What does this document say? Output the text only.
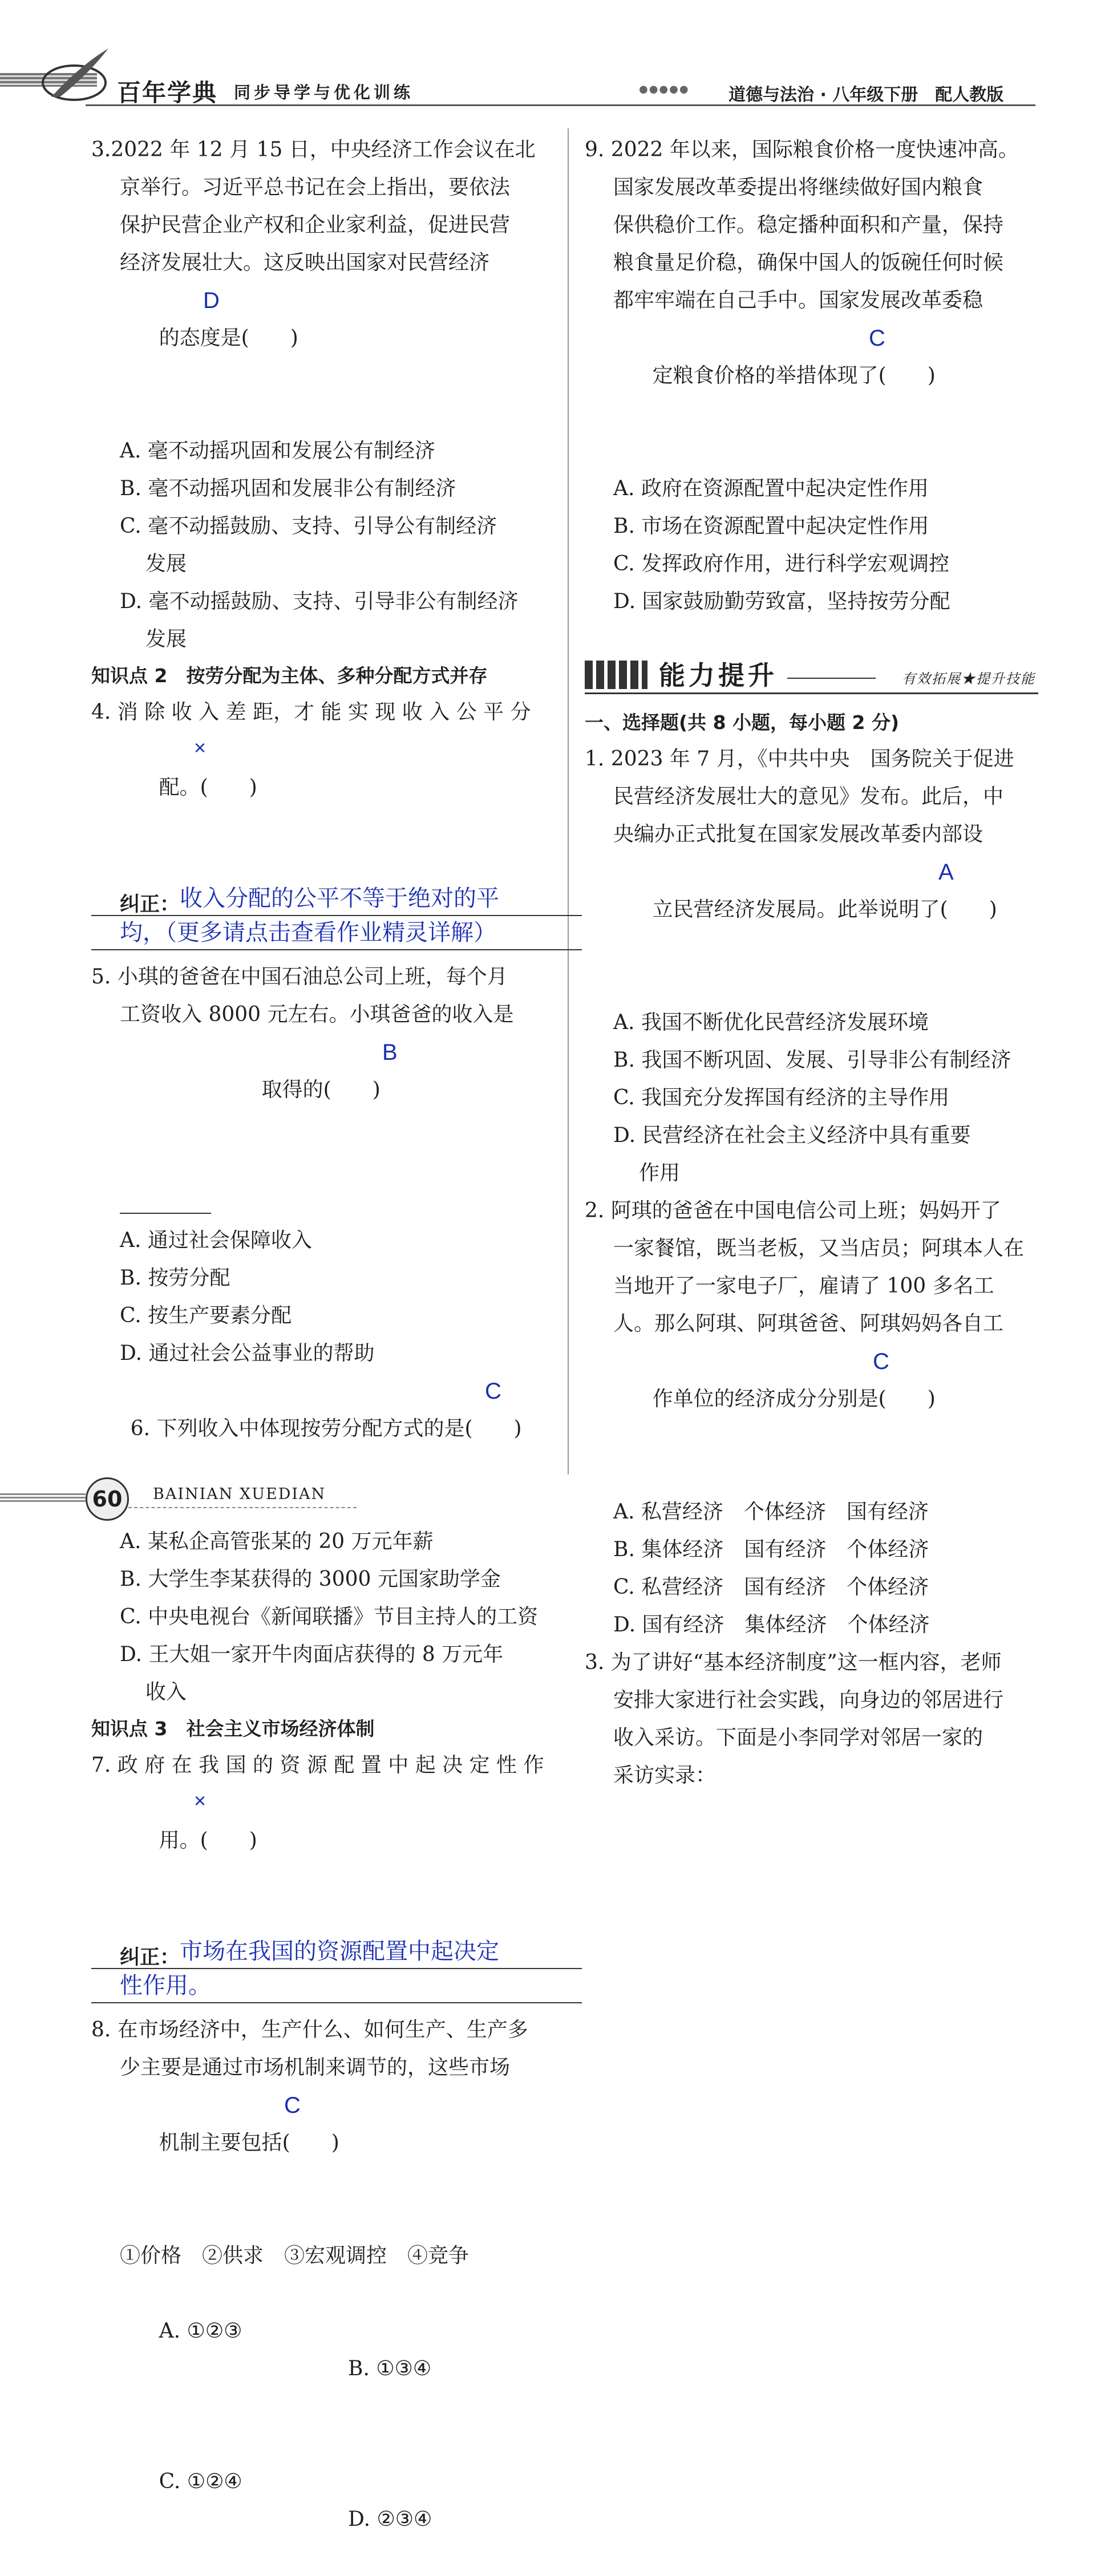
百年学典 同步导学与优化训练	●●●●● 道德与法治 · 八年级下册　配人教版
3.2022 年 12 月 15 日，中央经济工作会议在北
京举行。习近平总书记在会上指出，要依法
保护民营企业产权和企业家利益，促进民营
经济发展壮大。这反映出国家对民营经济

的态度是(　　)

D

A. 毫不动摇巩固和发展公有制经济
B. 毫不动摇巩固和发展非公有制经济
C. 毫不动摇鼓励、支持、引导公有制经济
发展
D. 毫不动摇鼓励、支持、引导非公有制经济
发展
知识点 2　按劳分配为主体、多种分配方式并存
4. 消 除 收 入 差 距，才 能 实 现 收 入 公 平 分

配。(　　)

×

纠正： 收入分配的公平不等于绝对的平
均，（更多请点击查看作业精灵详解）
5. 小琪的爸爸在中国石油总公司上班，每个月
工资收入 8000 元左右。小琪爸爸的收入是

　　　　　取得的(　　)

B

A. 通过社会保障收入
B. 按劳分配
C. 按生产要素分配
D. 通过社会公益事业的帮助

6. 下列收入中体现按劳分配方式的是(　　)

C

A. 某私企高管张某的 20 万元年薪
B. 大学生李某获得的 3000 元国家助学金
C. 中央电视台《新闻联播》节目主持人的工资
D. 王大姐一家开牛肉面店获得的 8 万元年
收入
知识点 3　社会主义市场经济体制
7. 政 府 在 我 国 的 资 源 配 置 中 起 决 定 性 作

用。(　　)

×

纠正： 市场在我国的资源配置中起决定
性作用。
8. 在市场经济中，生产什么、如何生产、生产多
少主要是通过市场机制来调节的，这些市场

机制主要包括(　　)

C

①价格　②供求　③宏观调控　④竞争

A. ①②③

B. ①③④

C. ①②④

D. ②③④

9. 2022 年以来，国际粮食价格一度快速冲高。
国家发展改革委提出将继续做好国内粮食
保供稳价工作。稳定播种面积和产量，保持
粮食量足价稳，确保中国人的饭碗任何时候
都牢牢端在自己手中。国家发展改革委稳

定粮食价格的举措体现了(　　)

C

A. 政府在资源配置中起决定性作用
B. 市场在资源配置中起决定性作用
C. 发挥政府作用，进行科学宏观调控
D. 国家鼓励勤劳致富，坚持按劳分配
能力提升	有效拓展★提升技能
一、选择题(共 8 小题，每小题 2 分)
1. 2023 年 7 月，《中共中央　国务院关于促进
民营经济发展壮大的意见》发布。此后，中
央编办正式批复在国家发展改革委内部设

立民营经济发展局。此举说明了(　　)

A

A. 我国不断优化民营经济发展环境
B. 我国不断巩固、发展、引导非公有制经济
C. 我国充分发挥国有经济的主导作用
D. 民营经济在社会主义经济中具有重要
作用
2. 阿琪的爸爸在中国电信公司上班；妈妈开了
一家餐馆，既当老板，又当店员；阿琪本人在
当地开了一家电子厂，雇请了 100 多名工
人。那么阿琪、阿琪爸爸、阿琪妈妈各自工

作单位的经济成分分别是(　　)

C

A. 私营经济　个体经济　国有经济
B. 集体经济　国有经济　个体经济
C. 私营经济　国有经济　个体经济
D. 国有经济　集体经济　个体经济
3. 为了讲好“基本经济制度”这一框内容，老师
安排大家进行社会实践，向身边的邻居进行
收入采访。下面是小李同学对邻居一家的
采访实录：
60	BAINIAN XUEDIAN
